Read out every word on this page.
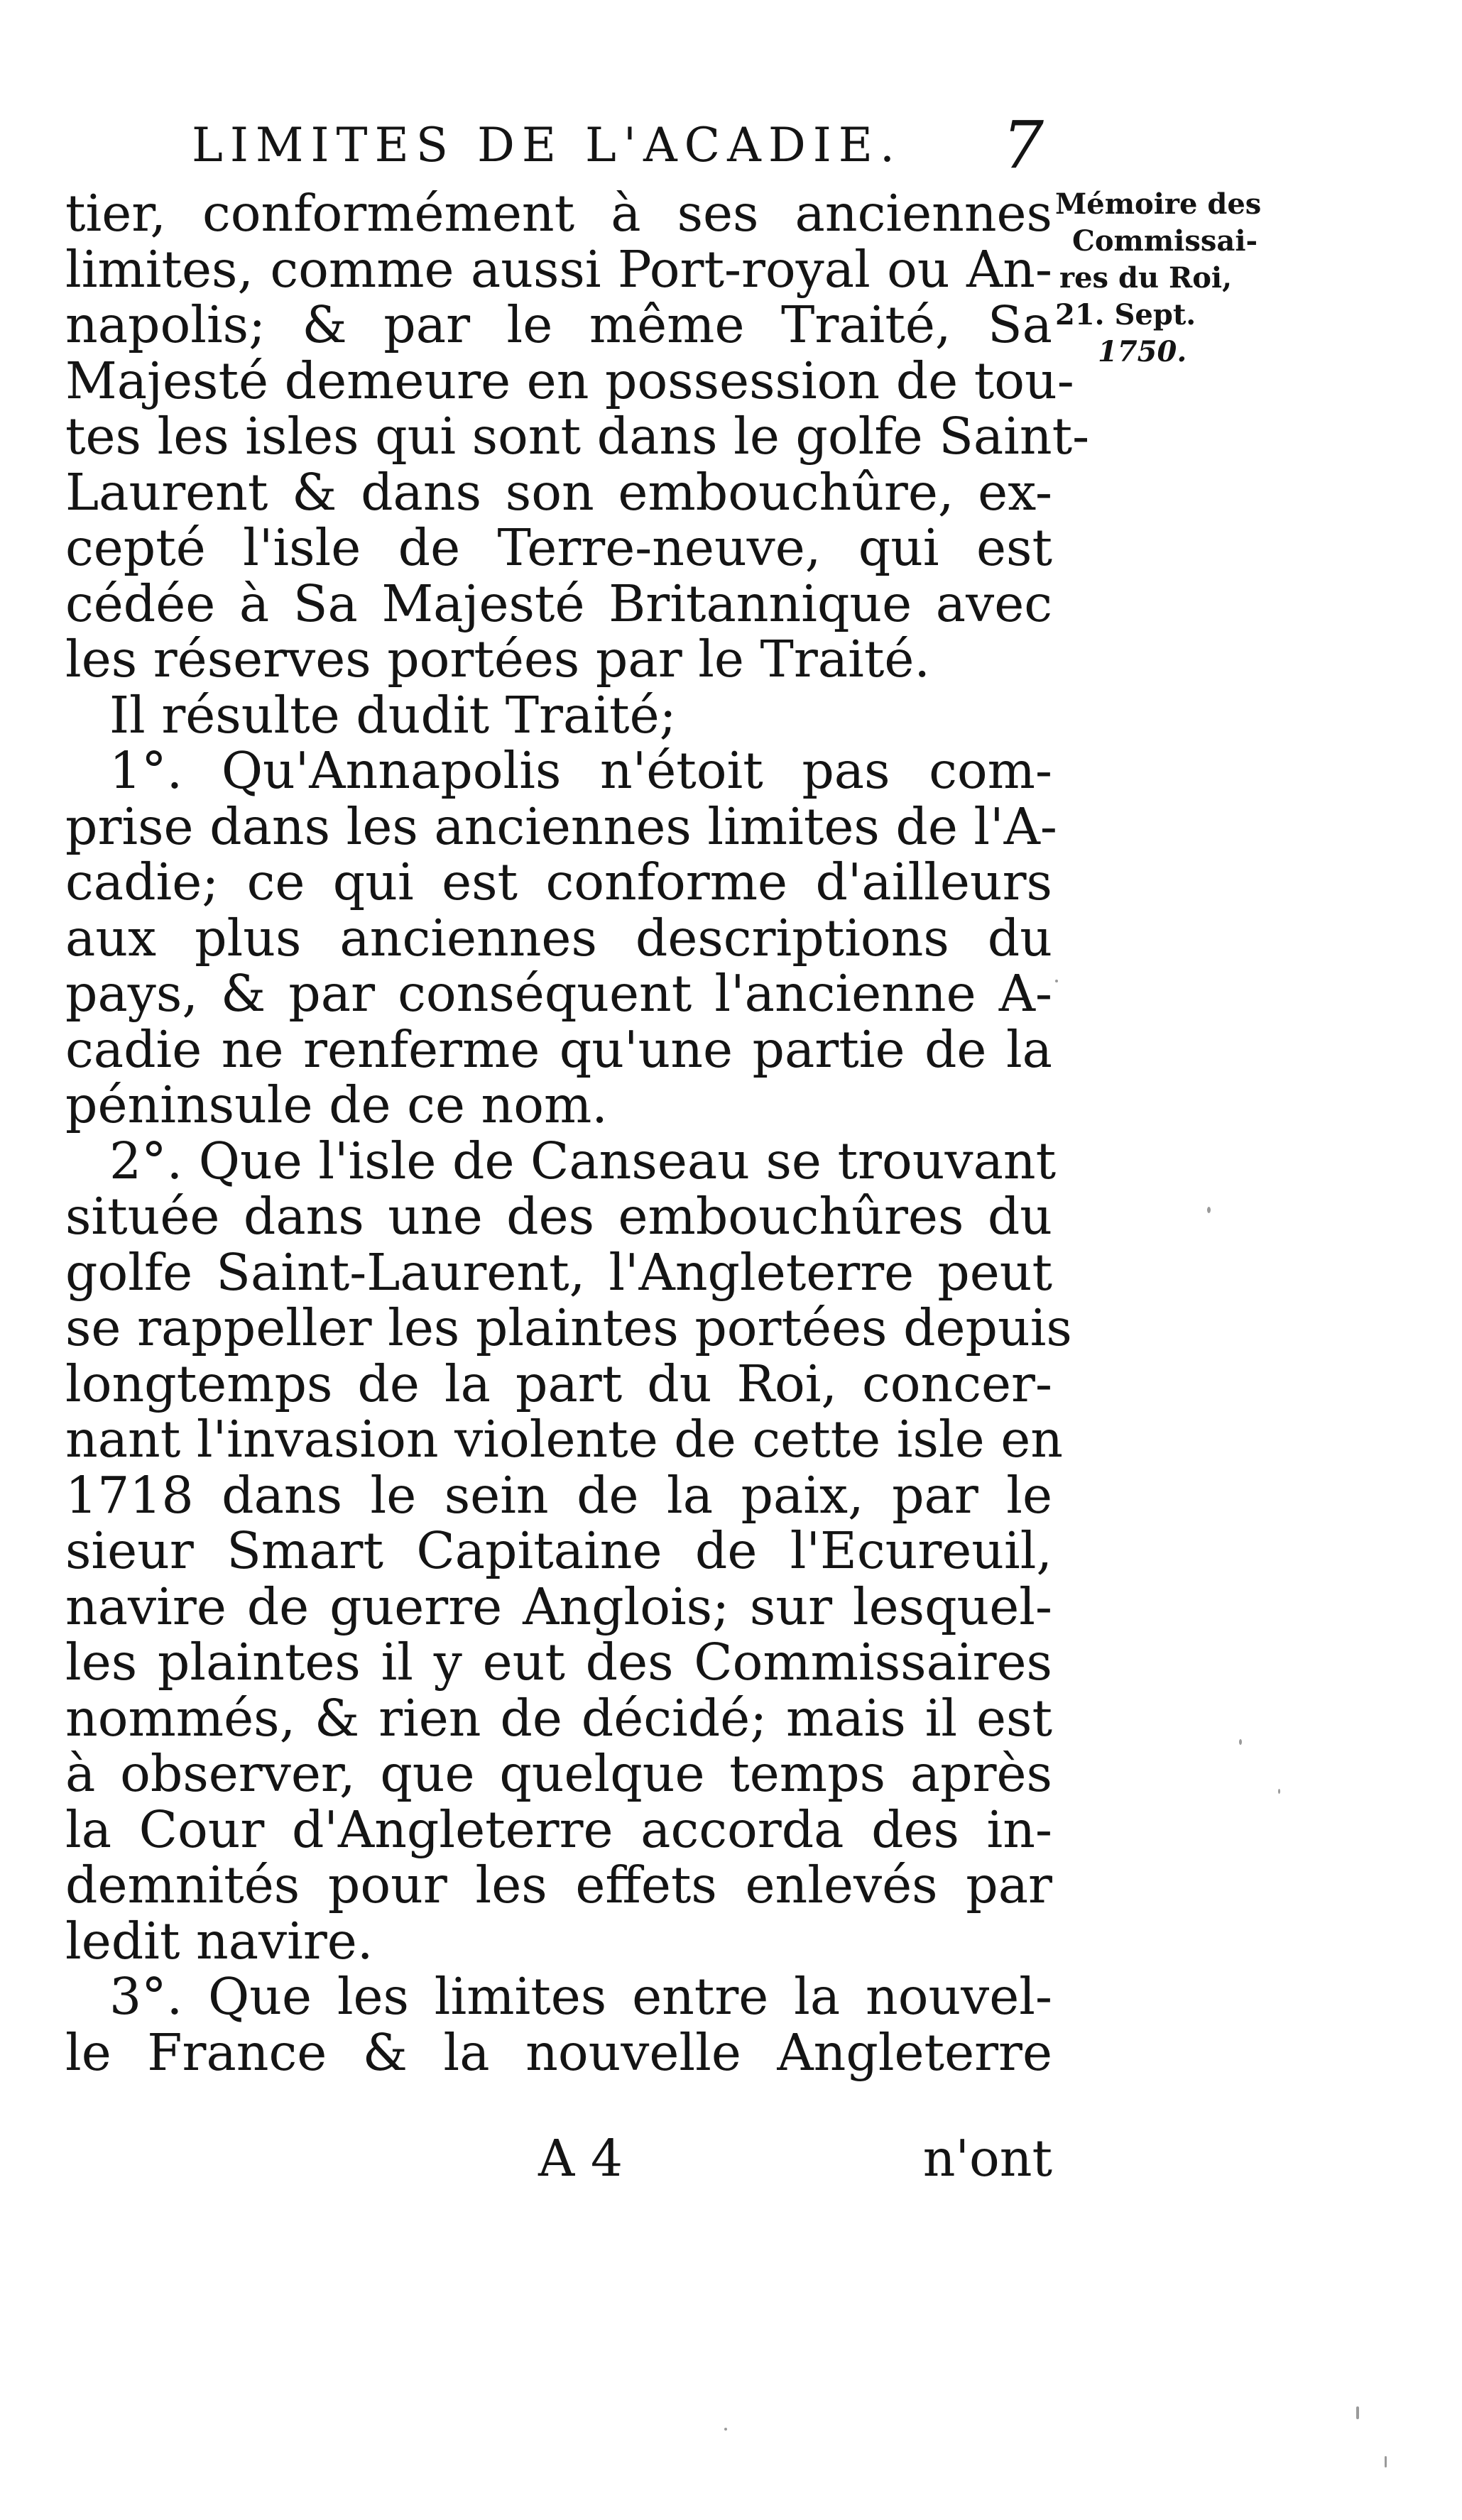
LIMITES DE L'ACADIE. 7
tier, conformément à ses anciennes
limites, comme aussi Port-royal ou An-
napolis; & par le même Traité, Sa
Majesté demeure en possession de tou-
tes les isles qui sont dans le golfe Saint-
Laurent & dans son embouchûre, ex-
cepté l'isle de Terre-neuve, qui est
cédée à Sa Majesté Britannique avec
les réserves portées par le Traité.
Il résulte dudit Traité;
1°. Qu'Annapolis n'étoit pas com-
prise dans les anciennes limites de l'A-
cadie; ce qui est conforme d'ailleurs
aux plus anciennes descriptions du
pays, & par conséquent l'ancienne A-
cadie ne renferme qu'une partie de la
péninsule de ce nom.
2°. Que l'isle de Canseau se trouvant
située dans une des embouchûres du
golfe Saint-Laurent, l'Angleterre peut
se rappeller les plaintes portées depuis
longtemps de la part du Roi, concer-
nant l'invasion violente de cette isle en
1718 dans le sein de la paix, par le
sieur Smart Capitaine de l'Ecureuil,
navire de guerre Anglois; sur lesquel-
les plaintes il y eut des Commissaires
nommés, & rien de décidé; mais il est
à observer, que quelque temps après
la Cour d'Angleterre accorda des in-
demnités pour les effets enlevés par
ledit navire.
3°. Que les limites entre la nouvel-
le France & la nouvelle Angleterre
Mémoire des
Commissai-
res du Roi,
21. Sept.
1750.
A 4	n'ont
